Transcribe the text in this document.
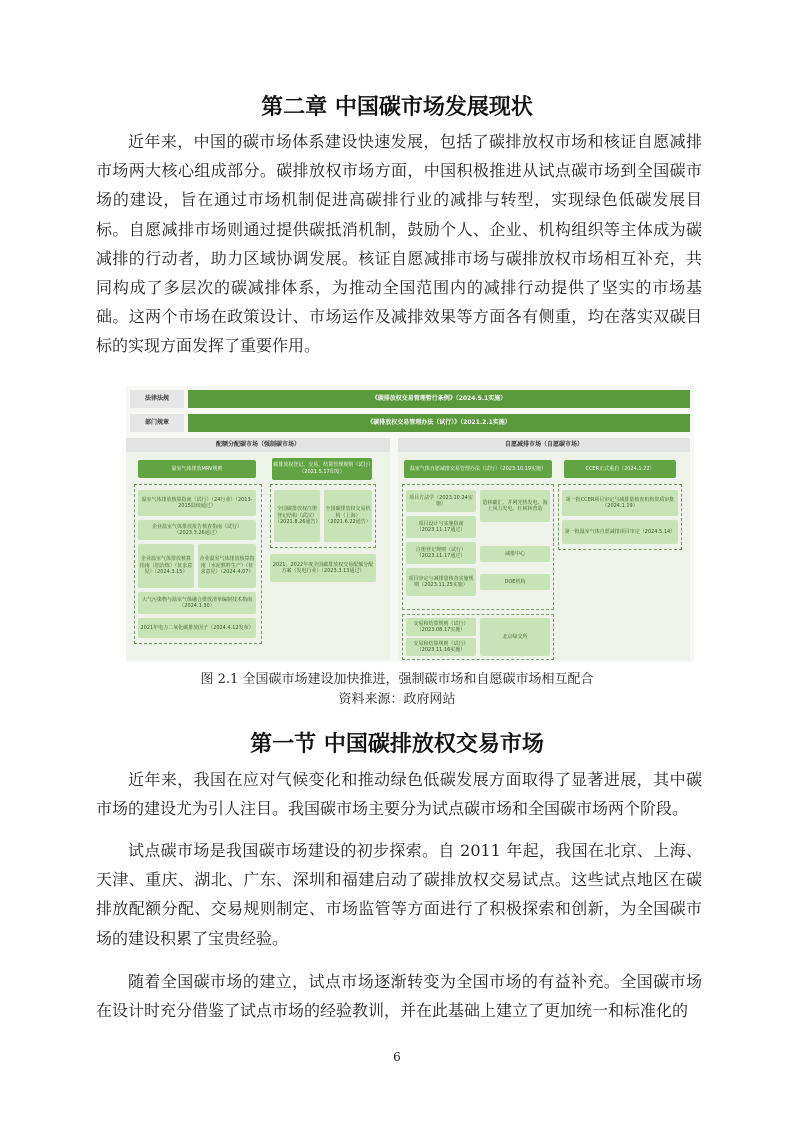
第二章 中国碳市场发展现状

近年来，中国的碳市场体系建设快速发展，包括了碳排放权市场和核证自愿减排市场两大核心组成部分。碳排放权市场方面，中国积极推进从试点碳市场到全国碳市场的建设，旨在通过市场机制促进高碳排行业的减排与转型，实现绿色低碳发展目标。自愿减排市场则通过提供碳抵消机制，鼓励个人、企业、机构组织等主体成为碳减排的行动者，助力区域协调发展。核证自愿减排市场与碳排放权市场相互补充，共同构成了多层次的碳减排体系，为推动全国范围内的减排行动提供了坚实的市场基础。这两个市场在政策设计、市场运作及减排效果等方面各有侧重，均在落实双碳目标的实现方面发挥了重要作用。

法律法规	《碳排放权交易管理暂行条例》（2024.5.1实施）
部门规章	《碳排放权交易管理办法（试行）》（2021.2.1实施）
配额分配碳市场（强制碳市场）
温室气体排放MRV规则
碳排放权登记、交易、结算管理规则（试行）（2021.5.17印发）
温室气体排放核算指南（试行）（24行业）（2013-2015陆续通过）
企业温室气体排放报告核查指南（试行）（2023.3.26通过）
企业温室气体排放核算指南（铝冶炼）（征求意见）（2024.3.15）
企业温室气体排放核算指南（水泥熟料生产）（征求意见）（2024.4.07）
大气污染物与温室气体融合排放清单编制技术指南（2024.1.30）
2021年电力二氧化碳排放因子（2024.4.12发布）
全国碳排放权注册登记结构（武汉）（2021.8.26通告）
全国碳排放权交易机构（上海）（2021.6.22通告）
2021、2022年度全国碳排放权交易配额分配方案（发电行业）（2023.3.13通过）
自愿减排市场（自愿碳市场）
温室气体自愿减排交易管理办法（试行）（2023.10.19实施）	CCER正式重启（2024.1.22）
项目方法学（2023.10.24实施）	造林碳汇、并网光热发电、海上风力发电、红树林营造
项目设计与实施指南（2023.11.17通过）
注册登记规则（试行）（2023.11.17通过）	减排中心
项目审定与减排量核查实施规则（2023.11.25实施）
DOE机构
交易和结算规则（试行）（2023.08.17实施）
交易和结算规则（试行）（2023.11.16实施）
北京绿交所
第一批CCER项目审定与减排量核查机构资质审批（2024.1.19）
第一批温室气体自愿减排项目审定（2024.5.14）
图 2.1 全国碳市场建设加快推进，强制碳市场和自愿碳市场相互配合
资料来源：政府网站
第一节 中国碳排放权交易市场

近年来，我国在应对气候变化和推动绿色低碳发展方面取得了显著进展，其中碳市场的建设尤为引人注目。我国碳市场主要分为试点碳市场和全国碳市场两个阶段。

试点碳市场是我国碳市场建设的初步探索。自 2011 年起，我国在北京、上海、天津、重庆、湖北、广东、深圳和福建启动了碳排放权交易试点。这些试点地区在碳排放配额分配、交易规则制定、市场监管等方面进行了积极探索和创新，为全国碳市场的建设积累了宝贵经验。

随着全国碳市场的建立，试点市场逐渐转变为全国市场的有益补充。全国碳市场在设计时充分借鉴了试点市场的经验教训，并在此基础上建立了更加统一和标准化的

6
